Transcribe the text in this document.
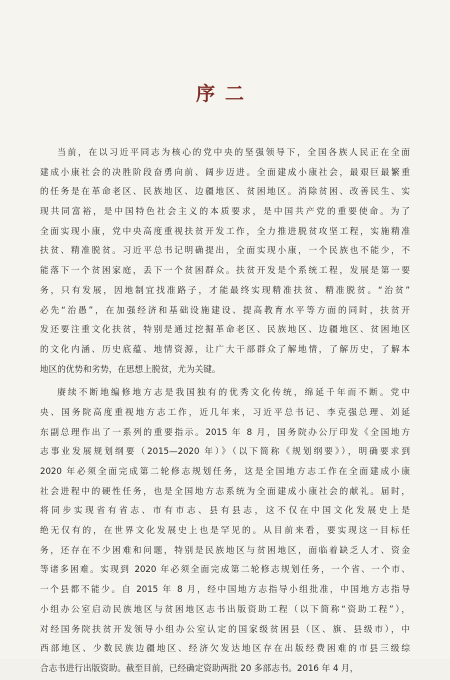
序二
当前，在以习近平同志为核心的党中央的坚强领导下，全国各族人民正在全面
建成小康社会的决胜阶段奋勇向前、阔步迈进。全面建成小康社会，最艰巨最繁重
的任务是在革命老区、民族地区、边疆地区、贫困地区。消除贫困、改善民生、实
现共同富裕，是中国特色社会主义的本质要求，是中国共产党的重要使命。为了
全面实现小康，党中央高度重视扶贫开发工作，全力推进脱贫攻坚工程，实施精准
扶贫、精准脱贫。习近平总书记明确提出，全面实现小康，一个民族也不能少，不
能落下一个贫困家庭，丢下一个贫困群众。扶贫开发是个系统工程，发展是第一要
务，只有发展，因地制宜找准路子，才能最终实现精准扶贫、精准脱贫。“治贫”
必先“治愚”，在加强经济和基础设施建设、提高教育水平等方面的同时，扶贫开
发还要注重文化扶贫，特别是通过挖掘革命老区、民族地区、边疆地区、贫困地区
的文化内涵、历史底蕴、地情资源，让广大干部群众了解地情，了解历史，了解本
地区的优势和劣势，在思想上脱贫，尤为关键。
赓续不断地编修地方志是我国独有的优秀文化传统，绵延千年而不断。党中
央、国务院高度重视地方志工作，近几年来，习近平总书记、李克强总理、刘延
东副总理作出了一系列的重要指示。2015 年 8 月，国务院办公厅印发《全国地方
志事业发展规划纲要（2015—2020 年）》（以下简称《规划纲要》），明确要求到
2020 年必须全面完成第二轮修志规划任务，这是全国地方志工作在全面建成小康
社会进程中的硬性任务，也是全国地方志系统为全面建成小康社会的献礼。届时，
将同步实现省有省志、市有市志、县有县志，这不仅在中国文化发展史上是
绝无仅有的，在世界文化发展史上也是罕见的。从目前来看，要实现这一目标任
务，还存在不少困难和问题，特别是民族地区与贫困地区，面临着缺乏人才、资金
等诸多困难。实现到 2020 年必须全面完成第二轮修志规划任务，一个省、一个市、
一个县都不能少。自 2015 年 8 月，经中国地方志指导小组批准，中国地方志指导
小组办公室启动民族地区与贫困地区志书出版资助工程（以下简称“资助工程”），
对经国务院扶贫开发领导小组办公室认定的国家级贫困县（区、旗、县级市），中
西部地区、少数民族边疆地区、经济欠发达地区存在出版经费困难的市县三级综
合志书进行出版资助。截至目前，已经确定资助两批 20 多部志书。2016 年 4 月，
